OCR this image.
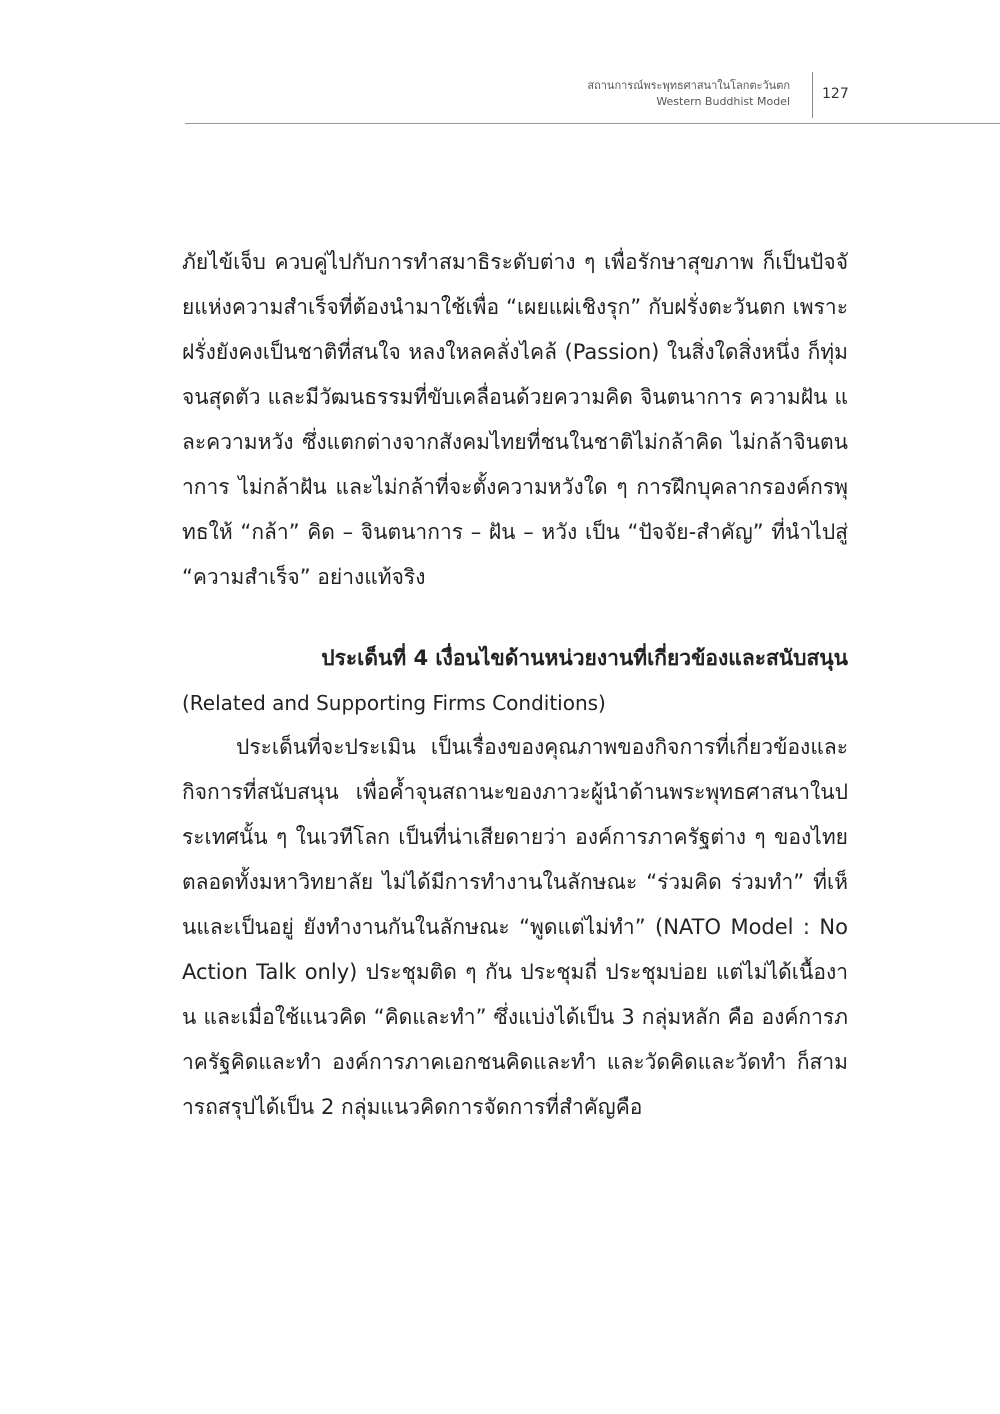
สถานการณ์พระพุทธศาสนาในโลกตะวันตก
Western Buddhist Model 127

ภัยไข้เจ็บ ควบคู่ไปกับการทำสมาธิระดับต่าง ๆ เพื่อรักษาสุขภาพ ก็เป็นปัจจัยแห่งความสำเร็จที่ต้องนำมาใช้เพื่อ “เผยแผ่เชิงรุก” กับฝรั่งตะวันตก เพราะฝรั่งยังคงเป็นชาติที่สนใจ หลงใหลคลั่งไคล้ (Passion) ในสิ่งใดสิ่งหนึ่ง ก็ทุ่มจนสุดตัว และมีวัฒนธรรมที่ขับเคลื่อนด้วยความคิด จินตนาการ ความฝัน และความหวัง ซึ่งแตกต่างจากสังคมไทยที่ชนในชาติไม่กล้าคิด ไม่กล้าจินตนาการ ไม่กล้าฝัน และไม่กล้าที่จะตั้งความหวังใด ๆ การฝึกบุคลากรองค์กรพุทธให้ “กล้า” คิด – จินตนาการ – ฝัน – หวัง เป็น “ปัจจัย-สำคัญ” ที่นำไปสู่ “ความสำเร็จ” อย่างแท้จริง

ประเด็นที่ 4 เงื่อนไขด้านหน่วยงานที่เกี่ยวข้องและสนับสนุน

(Related and Supporting Firms Conditions)

ประเด็นที่จะประเมิน เป็นเรื่องของคุณภาพของกิจการที่เกี่ยวข้องและกิจการที่สนับสนุน เพื่อค้ำจุนสถานะของภาวะผู้นำด้านพระพุทธศาสนาในประเทศนั้น ๆ ในเวทีโลก เป็นที่น่าเสียดายว่า องค์การภาครัฐต่าง ๆ ของไทย ตลอดทั้งมหาวิทยาลัย ไม่ได้มีการทำงานในลักษณะ “ร่วมคิด ร่วมทำ” ที่เห็นและเป็นอยู่ ยังทำงานกันในลักษณะ “พูดแต่ไม่ทำ” (NATO Model : No Action Talk only) ประชุมติด ๆ กัน ประชุมถี่ ประชุมบ่อย แต่ไม่ได้เนื้องาน และเมื่อใช้แนวคิด “คิดและทำ” ซึ่งแบ่งได้เป็น 3 กลุ่มหลัก คือ องค์การภาครัฐคิดและทำ องค์การภาคเอกชนคิดและทำ และวัดคิดและวัดทำ ก็สามารถสรุปได้เป็น 2 กลุ่มแนวคิดการจัดการที่สำคัญคือ
